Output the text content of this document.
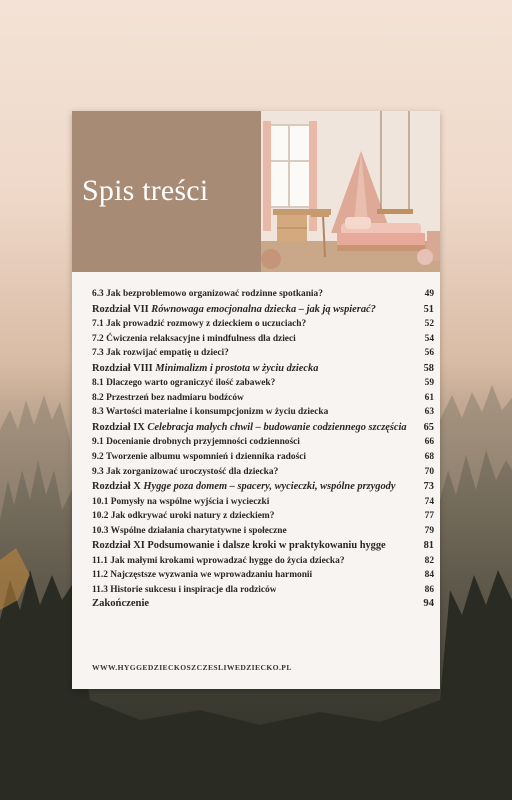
Spis treści
6.3 Jak bezproblemowo organizować rodzinne spotkania?	49
Rozdział VII Równowaga emocjonalna dziecka – jak ją wspierać?	51
7.1 Jak prowadzić rozmowy z dzieckiem o uczuciach?	52
7.2 Ćwiczenia relaksacyjne i mindfulness dla dzieci	54
7.3 Jak rozwijać empatię u dzieci?	56
Rozdział VIII Minimalizm i prostota w życiu dziecka	58
8.1 Dlaczego warto ograniczyć ilość zabawek?	59
8.2 Przestrzeń bez nadmiaru bodźców	61
8.3 Wartości materialne i konsumpcjonizm w życiu dziecka	63
Rozdział IX Celebracja małych chwil – budowanie codziennego szczęścia	65
9.1 Docenianie drobnych przyjemności codzienności	66
9.2 Tworzenie albumu wspomnień i dziennika radości	68
9.3 Jak zorganizować uroczystość dla dziecka?	70
Rozdział X Hygge poza domem – spacery, wycieczki, wspólne przygody	73
10.1 Pomysły na wspólne wyjścia i wycieczki	74
10.2 Jak odkrywać uroki natury z dzieckiem?	77
10.3 Wspólne działania charytatywne i społeczne	79
Rozdział XI Podsumowanie i dalsze kroki w praktykowaniu hygge	81
11.1 Jak małymi krokami wprowadzać hygge do życia dziecka?	82
11.2 Najczęstsze wyzwania we wprowadzaniu harmonii	84
11.3 Historie sukcesu i inspiracje dla rodziców	86
Zakończenie	94
WWW.HYGGEDZIECKOSZCZESLIWEDZIECKO.PL
